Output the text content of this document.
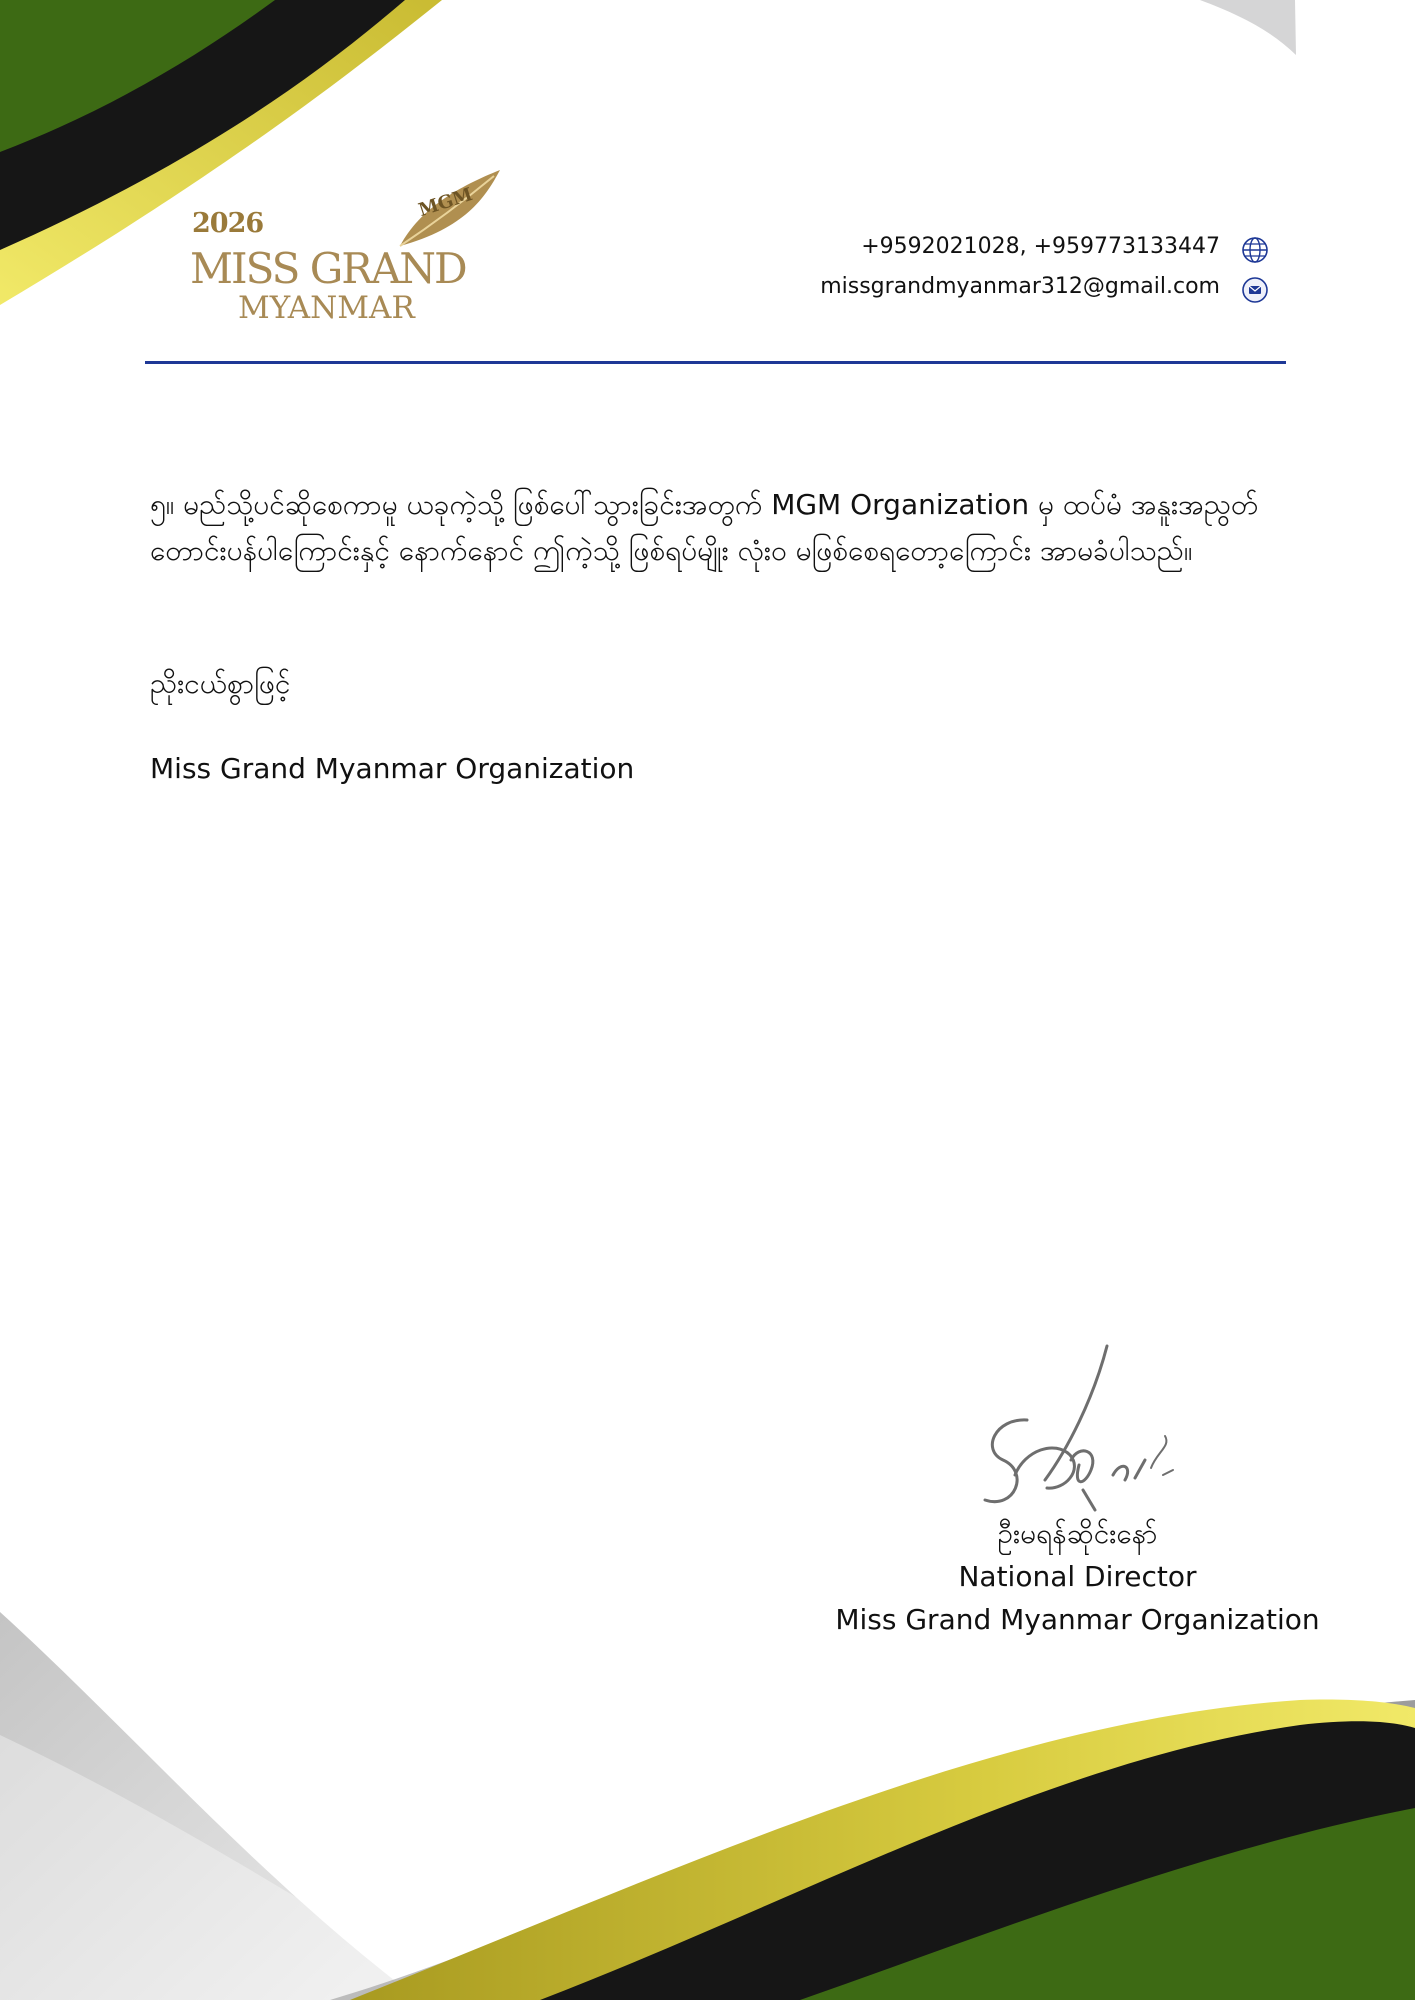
MGM
2026
MISS GRAND
MYANMAR
+9592021028, +959773133447
missgrandmyanmar312@gmail.com

၅။ မည်သို့ပင်ဆိုစေကာမူ ယခုကဲ့သို့ ဖြစ်ပေါ်သွားခြင်းအတွက် MGM Organization မှ ထပ်မံ အနူးအညွတ် တောင်းပန်ပါကြောင်းနှင့် နောက်နောင် ဤကဲ့သို့ ဖြစ်ရပ်မျိုး လုံးဝ မဖြစ်စေရတော့ကြောင်း အာမခံပါသည်။

ညိုးငယ်စွာဖြင့်

Miss Grand Myanmar Organization

ဦးမရန်ဆိုင်းနော်
National Director
Miss Grand Myanmar Organization
